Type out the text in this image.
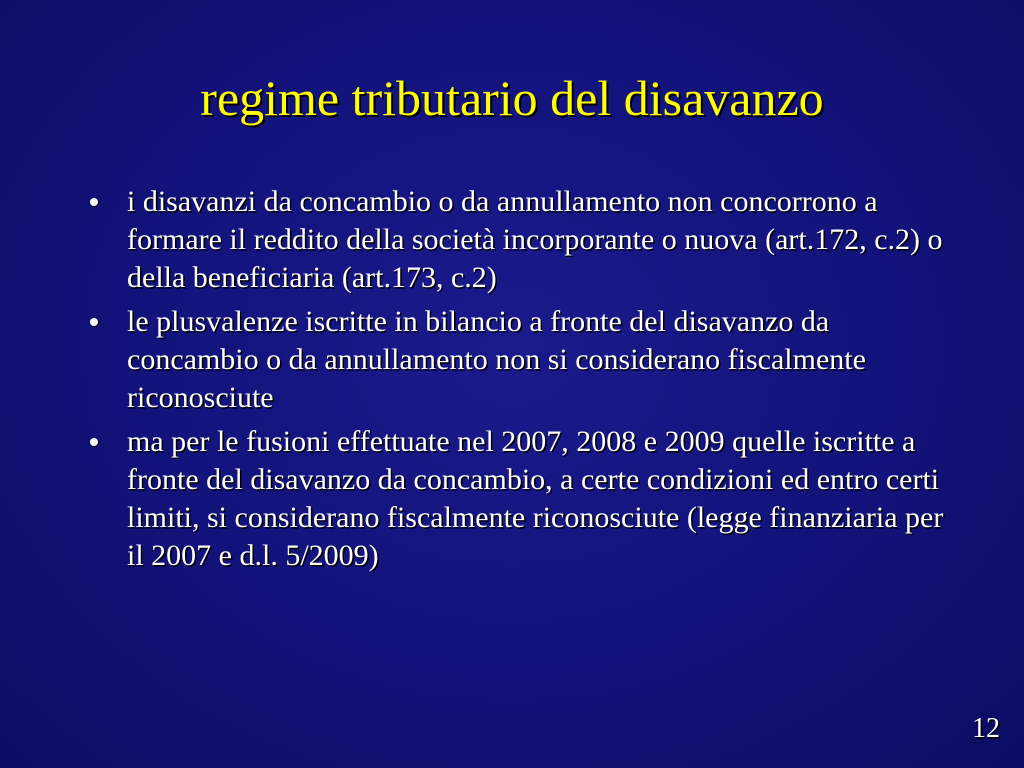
regime tributario del disavanzo
i disavanzi da concambio o da annullamento non concorrono a formare il reddito della società incorporante o nuova (art.172, c.2) o della beneficiaria (art.173, c.2)
le plusvalenze iscritte in bilancio a fronte del disavanzo da concambio o da annullamento non si considerano fiscalmente riconosciute
ma per le fusioni effettuate nel 2007, 2008 e 2009 quelle iscritte a fronte del disavanzo da concambio, a certe condizioni ed entro certi limiti, si considerano fiscalmente riconosciute (legge finanziaria per il 2007 e d.l. 5/2009)
12
